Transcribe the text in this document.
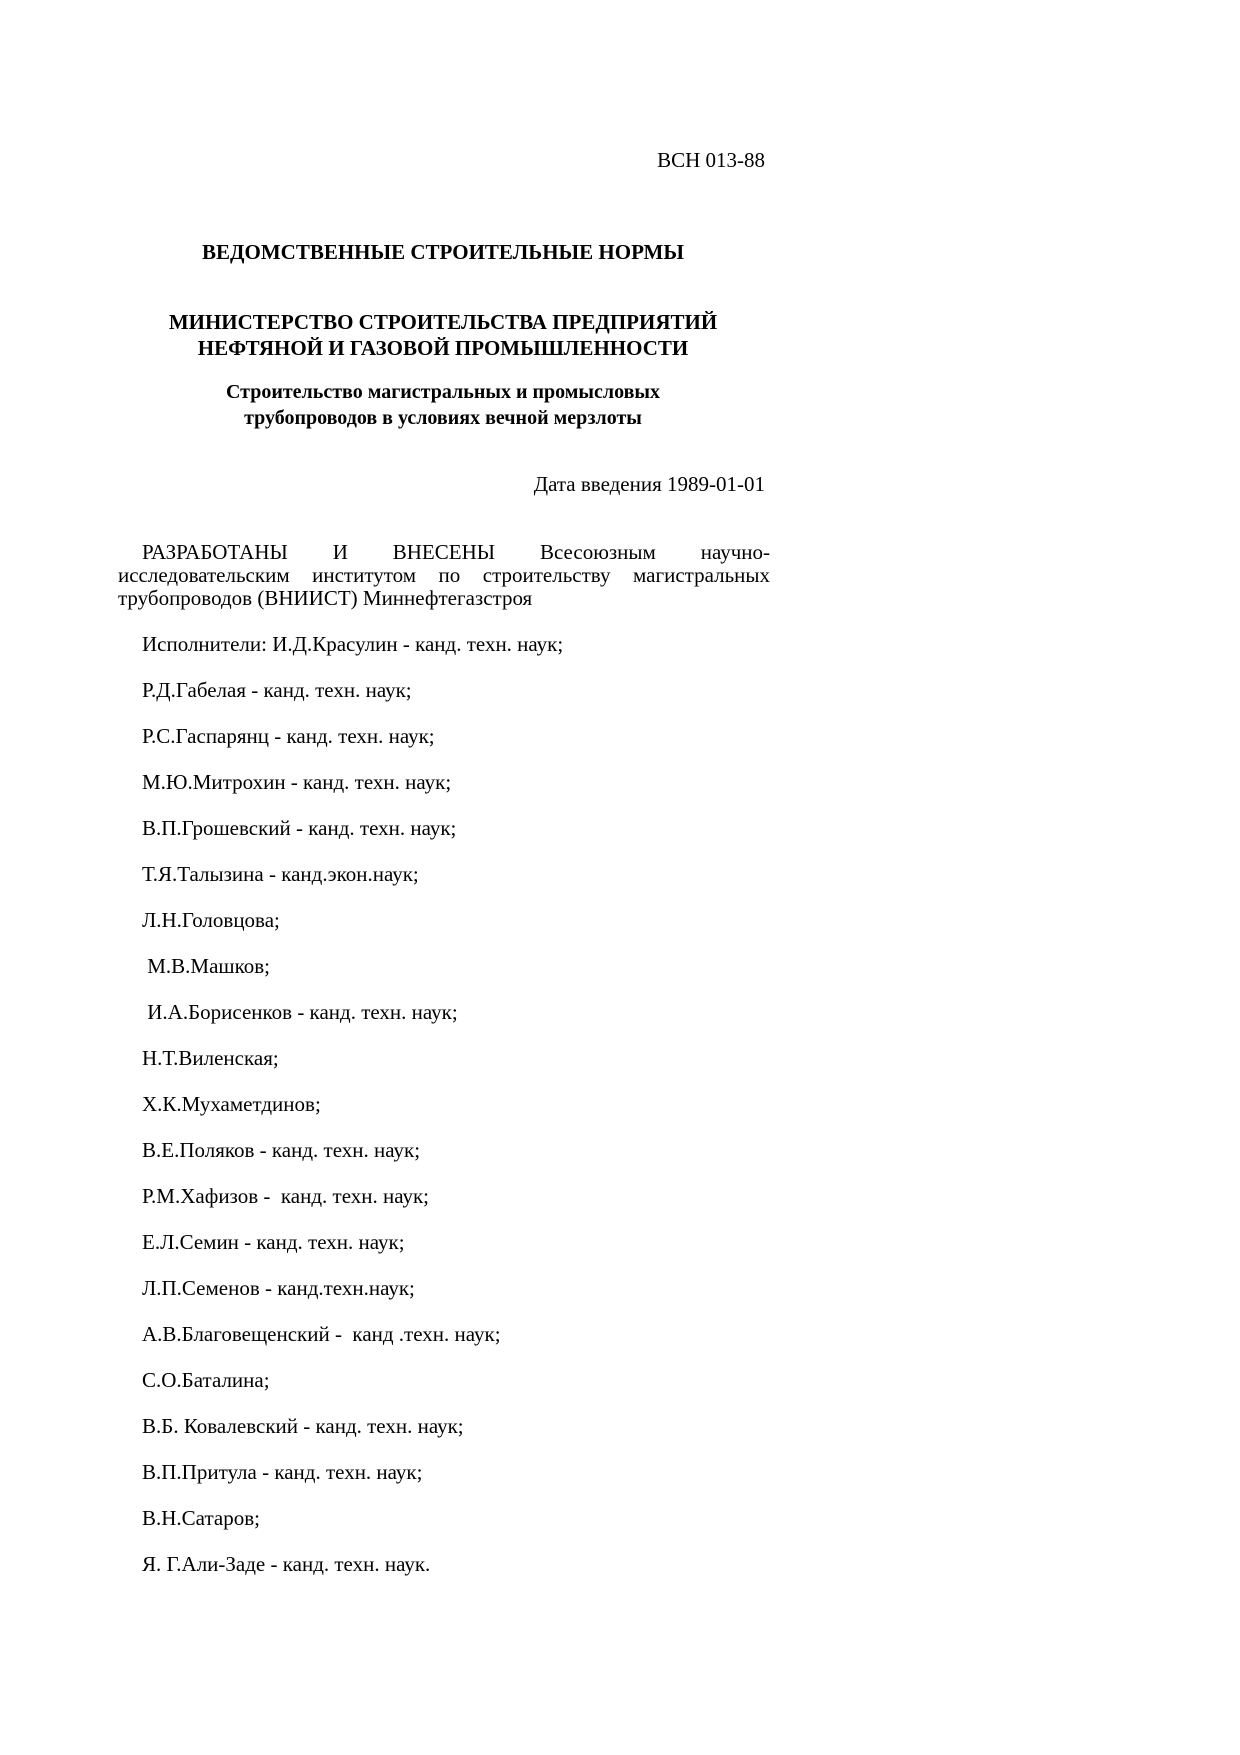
ВСН 013-88
ВЕДОМСТВЕННЫЕ СТРОИТЕЛЬНЫЕ НОРМЫ
МИНИСТЕРСТВО СТРОИТЕЛЬСТВА ПРЕДПРИЯТИЙ
НЕФТЯНОЙ И ГАЗОВОЙ ПРОМЫШЛЕННОСТИ
Строительство магистральных и промысловых
трубопроводов в условиях вечной мерзлоты
Дата введения 1989-01-01

РАЗРАБОТАНЫ И ВНЕСЕНЫ Всесоюзным научно-исследовательским институтом по строительству магистральных трубопроводов (ВНИИСТ) Миннефтегазстроя

Исполнители: И.Д.Красулин - канд. техн. наук;
Р.Д.Габелая - канд. техн. наук;
Р.С.Гаспарянц - канд. техн. наук;
М.Ю.Митрохин - канд. техн. наук;
В.П.Грошевский - канд. техн. наук;
Т.Я.Талызина - канд.экон.наук;
Л.Н.Головцова;
М.В.Машков;
И.А.Борисенков - канд. техн. наук;
Н.Т.Виленская;
Х.К.Мухаметдинов;
В.Е.Поляков - канд. техн. наук;
Р.М.Хафизов -  канд. техн. наук;
Е.Л.Семин - канд. техн. наук;
Л.П.Семенов - канд.техн.наук;
А.В.Благовещенский -  канд .техн. наук;
С.О.Баталина;
В.Б. Ковалевский - канд. техн. наук;
В.П.Притула - канд. техн. наук;
В.Н.Сатаров;
Я. Г.Али-Заде - канд. техн. наук.
